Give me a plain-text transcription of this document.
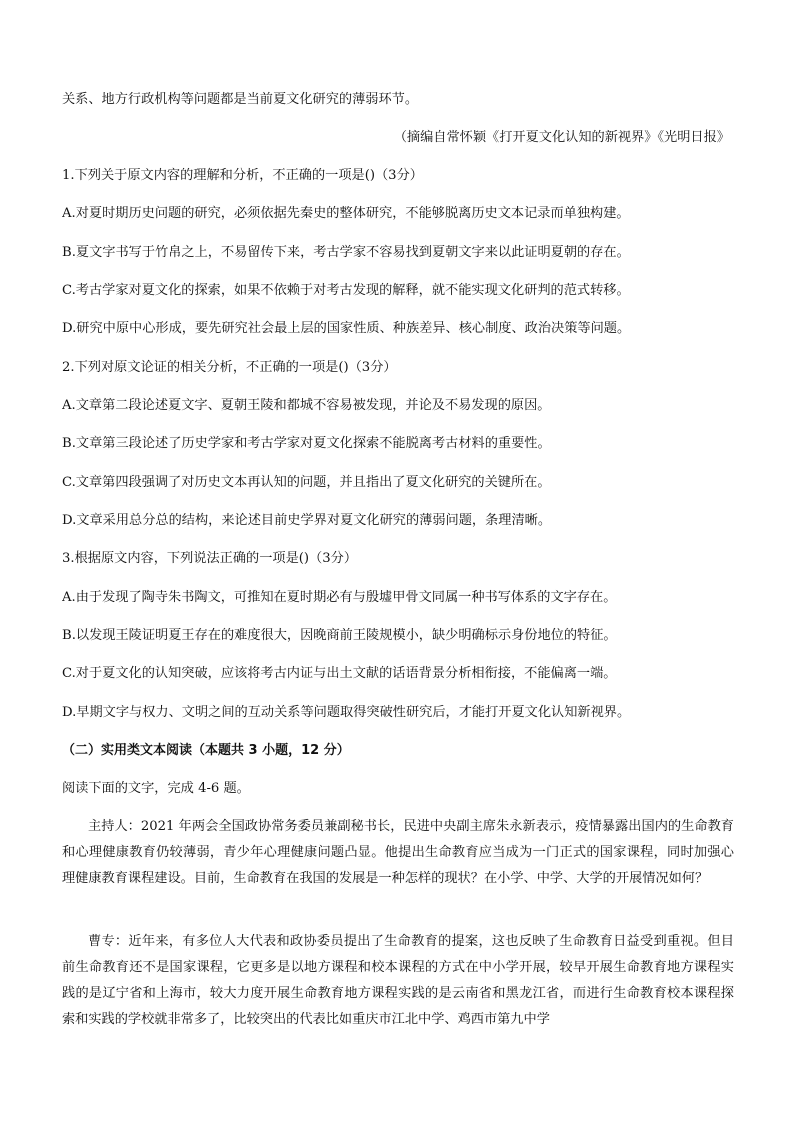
关系、地方行政机构等问题都是当前夏文化研究的薄弱环节。
（摘编自常怀颖《打开夏文化认知的新视界》《光明日报》
1.下列关于原文内容的理解和分析，不正确的一项是()（3分）
A.对夏时期历史问题的研究，必须依据先秦史的整体研究，不能够脱离历史文本记录而单独构建。
B.夏文字书写于竹帛之上，不易留传下来，考古学家不容易找到夏朝文字来以此证明夏朝的存在。
C.考古学家对夏文化的探索，如果不依赖于对考古发现的解释，就不能实现文化研判的范式转移。
D.研究中原中心形成，要先研究社会最上层的国家性质、种族差异、核心制度、政治决策等问题。
2.下列对原文论证的相关分析，不正确的一项是()（3分）
A.文章第二段论述夏文字、夏朝王陵和都城不容易被发现，并论及不易发现的原因。
B.文章第三段论述了历史学家和考古学家对夏文化探索不能脱离考古材料的重要性。
C.文章第四段强调了对历史文本再认知的问题，并且指出了夏文化研究的关键所在。
D.文章采用总分总的结构，来论述目前史学界对夏文化研究的薄弱问题，条理清晰。
3.根据原文内容，下列说法正确的一项是()（3分）
A.由于发现了陶寺朱书陶文，可推知在夏时期必有与殷墟甲骨文同属一种书写体系的文字存在。
B.以发现王陵证明夏王存在的难度很大，因晚商前王陵规模小，缺少明确标示身份地位的特征。
C.对于夏文化的认知突破，应该将考古内证与出土文献的话语背景分析相衔接，不能偏离一端。
D.早期文字与权力、文明之间的互动关系等问题取得突破性研究后，才能打开夏文化认知新视界。
（二）实用类文本阅读（本题共 3 小题，12 分）
阅读下面的文字，完成 4-6 题。
主持人：2021 年两会全国政协常务委员兼副秘书长，民进中央副主席朱永新表示，疫情暴露出国内的生命教育和心理健康教育仍较薄弱，青少年心理健康问题凸显。他提出生命教育应当成为一门正式的国家课程，同时加强心理健康教育课程建设。目前，生命教育在我国的发展是一种怎样的现状？在小学、中学、大学的开展情况如何？
曹专：近年来，有多位人大代表和政协委员提出了生命教育的提案，这也反映了生命教育日益受到重视。但目前生命教育还不是国家课程，它更多是以地方课程和校本课程的方式在中小学开展，较早开展生命教育地方课程实践的是辽宁省和上海市，较大力度开展生命教育地方课程实践的是云南省和黑龙江省，而进行生命教育校本课程探索和实践的学校就非常多了，比较突出的代表比如重庆市江北中学、鸡西市第九中学
